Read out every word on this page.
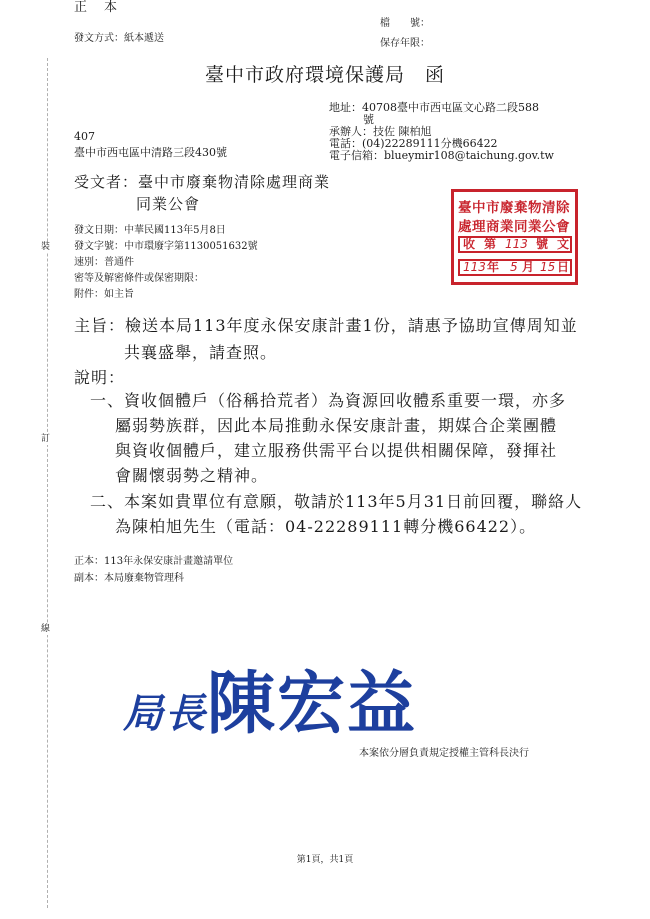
正　本
發文方式：紙本遞送
檔　　號：
保存年限：
臺中市政府環境保護局　函
地址：40708臺中市西屯區文心路二段588
號
承辦人：技佐 陳柏旭
電話：(04)22289111分機66422
電子信箱：blueymir108@taichung.gov.tw
407
臺中市西屯區中清路三段430號
受文者：臺中市廢棄物清除處理商業
同業公會
發文日期：中華民國113年5月8日
發文字號：中市環廢字第1130051632號
速別：普通件
密等及解密條件或保密期限：
附件：如主旨
臺中市廢棄物清除
處理商業同業公會
收 第 113 號 文
113 年 5 月 15 日
主旨：檢送本局113年度永保安康計畫1份，請惠予協助宣傳周知並
共襄盛舉，請查照。
說明：
一、資收個體戶（俗稱拾荒者）為資源回收體系重要一環，亦多
屬弱勢族群，因此本局推動永保安康計畫，期媒合企業團體
與資收個體戶，建立服務供需平台以提供相關保障，發揮社
會關懷弱勢之精神。
二、本案如貴單位有意願，敬請於113年5月31日前回覆，聯絡人
為陳柏旭先生（電話：04-22289111轉分機66422）。
正本：113年永保安康計畫邀請單位
副本：本局廢棄物管理科
裝
訂
線
局長陳宏益
本案依分層負責規定授權主管科長決行
第1頁，共1頁
